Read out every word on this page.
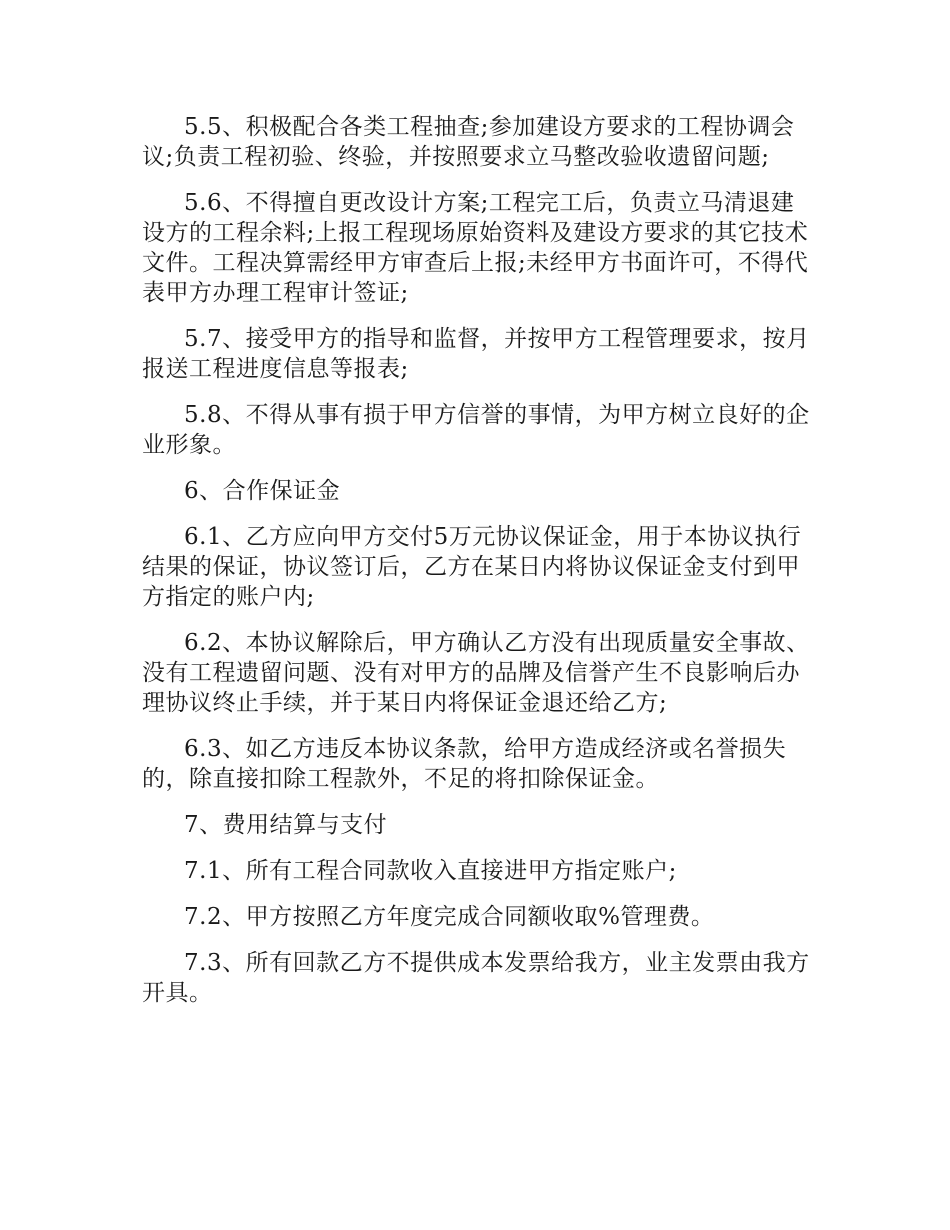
5.5、积极配合各类工程抽查;参加建设方要求的工程协调会议;负责工程初验、终验，并按照要求立马整改验收遗留问题;

5.6、不得擅自更改设计方案;工程完工后，负责立马清退建设方的工程余料;上报工程现场原始资料及建设方要求的其它技术文件。工程决算需经甲方审查后上报;未经甲方书面许可，不得代表甲方办理工程审计签证;

5.7、接受甲方的指导和监督，并按甲方工程管理要求，按月报送工程进度信息等报表;

5.8、不得从事有损于甲方信誉的事情，为甲方树立良好的企业形象。

6、合作保证金

6.1、乙方应向甲方交付5万元协议保证金，用于本协议执行结果的保证，协议签订后，乙方在某日内将协议保证金支付到甲方指定的账户内;

6.2、本协议解除后，甲方确认乙方没有出现质量安全事故、没有工程遗留问题、没有对甲方的品牌及信誉产生不良影响后办理协议终止手续，并于某日内将保证金退还给乙方;

6.3、如乙方违反本协议条款，给甲方造成经济或名誉损失的，除直接扣除工程款外，不足的将扣除保证金。

7、费用结算与支付

7.1、所有工程合同款收入直接进甲方指定账户;

7.2、甲方按照乙方年度完成合同额收取%管理费。

7.3、所有回款乙方不提供成本发票给我方，业主发票由我方开具。
